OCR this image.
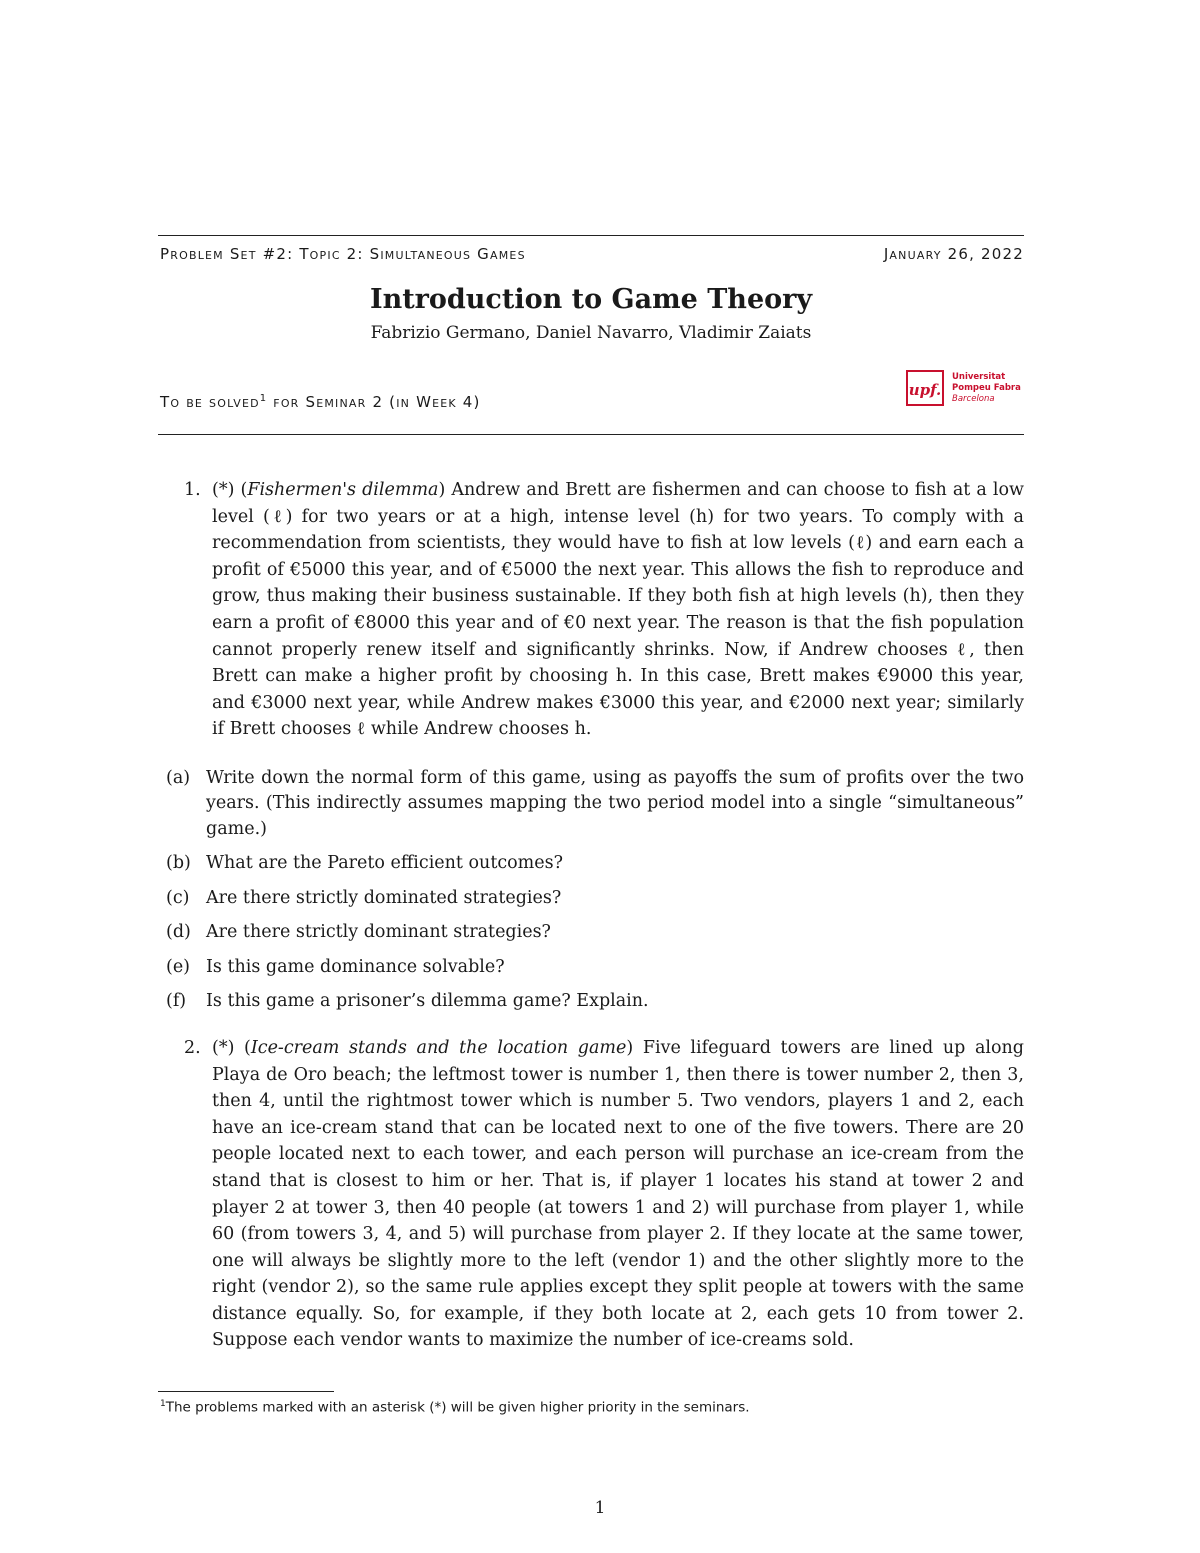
Problem Set #2: Topic 2: Simultaneous Games	January 26, 2022
Introduction to Game Theory
Fabrizio Germano, Daniel Navarro, Vladimir Zaiats
To be solved$^1$ for Seminar 2 (in Week 4)
upf.
Universitat
Pompeu Fabra
Barcelona
1. (*) (Fishermen's dilemma) Andrew and Brett are fishermen and can choose to fish at a low level (ℓ) for two years or at a high, intense level (h) for two years. To comply with a recommendation from scientists, they would have to fish at low levels (ℓ) and earn each a profit of €5000 this year, and of €5000 the next year. This allows the fish to reproduce and grow, thus making their business sustainable. If they both fish at high levels (h), then they earn a profit of €8000 this year and of €0 next year. The reason is that the fish population cannot properly renew itself and significantly shrinks. Now, if Andrew chooses ℓ, then Brett can make a higher profit by choosing h. In this case, Brett makes €9000 this year, and €3000 next year, while Andrew makes €3000 this year, and €2000 next year; similarly if Brett chooses ℓ while Andrew chooses h.
(a) Write down the normal form of this game, using as payoffs the sum of profits over the two years. (This indirectly assumes mapping the two period model into a single “simultaneous” game.)
(b) What are the Pareto efficient outcomes?
(c) Are there strictly dominated strategies?
(d) Are there strictly dominant strategies?
(e) Is this game dominance solvable?
(f) Is this game a prisoner’s dilemma game? Explain.
2. (*) (Ice-cream stands and the location game) Five lifeguard towers are lined up along Playa de Oro beach; the leftmost tower is number 1, then there is tower number 2, then 3, then 4, until the rightmost tower which is number 5. Two vendors, players 1 and 2, each have an ice-cream stand that can be located next to one of the five towers. There are 20 people located next to each tower, and each person will purchase an ice-cream from the stand that is closest to him or her. That is, if player 1 locates his stand at tower 2 and player 2 at tower 3, then 40 people (at towers 1 and 2) will purchase from player 1, while 60 (from towers 3, 4, and 5) will purchase from player 2. If they locate at the same tower, one will always be slightly more to the left (vendor 1) and the other slightly more to the right (vendor 2), so the same rule applies except they split people at towers with the same distance equally. So, for example, if they both locate at 2, each gets 10 from tower 2. Suppose each vendor wants to maximize the number of ice-creams sold.
$^1$The problems marked with an asterisk (*) will be given higher priority in the seminars.
1
